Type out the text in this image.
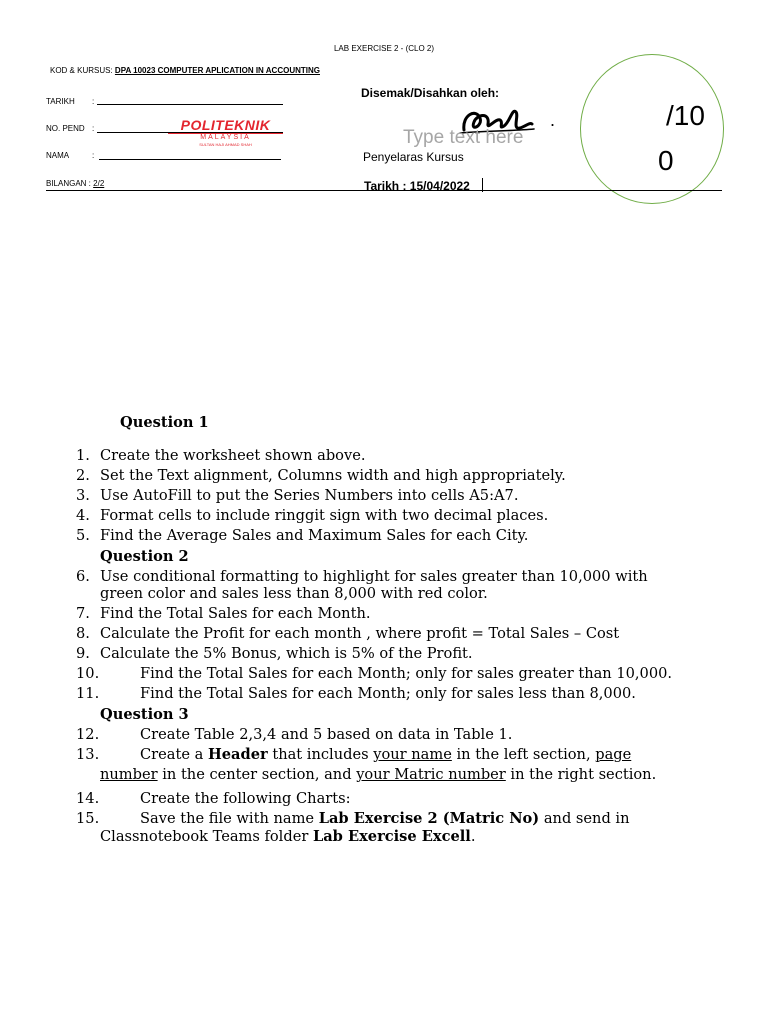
LAB EXERCISE 2 - (CLO 2)
KOD & KURSUS: DPA 10023 COMPUTER APLICATION IN ACCOUNTING
TARIKH :
NO. PEND :
NAMA	:
BILANGAN : 2/2
POLITEKNIK
MALAYSIA
SULTAN HAJI AHMAD SHAH
Disemak/Disahkan oleh:
.
Type text here
Penyelaras Kursus
Tarikh : 15/04/2022
/10
0
Question 1
1. Create the worksheet shown above.
2. Set the Text alignment, Columns width and high appropriately.
3. Use AutoFill to put the Series Numbers into cells A5:A7.
4. Format cells to include ringgit sign with two decimal places.
5. Find the Average Sales and Maximum Sales for each City.
Question 2
6. Use conditional formatting to highlight for sales greater than 10,000 with
green color and sales less than 8,000 with red color.
7. Find the Total Sales for each Month.
8. Calculate the Profit for each month , where profit = Total Sales – Cost
9. Calculate the 5% Bonus, which is 5% of the Profit.
10.	Find the Total Sales for each Month; only for sales greater than 10,000.
11.	Find the Total Sales for each Month; only for sales less than 8,000.
Question 3
12.	Create Table 2,3,4 and 5 based on data in Table 1.
13.	Create a Header that includes your name in the left section, page
number in the center section, and your Matric number in the right section.
14.	Create the following Charts:
15.	Save the file with name Lab Exercise 2 (Matric No) and send in
Classnotebook Teams folder Lab Exercise Excell.
